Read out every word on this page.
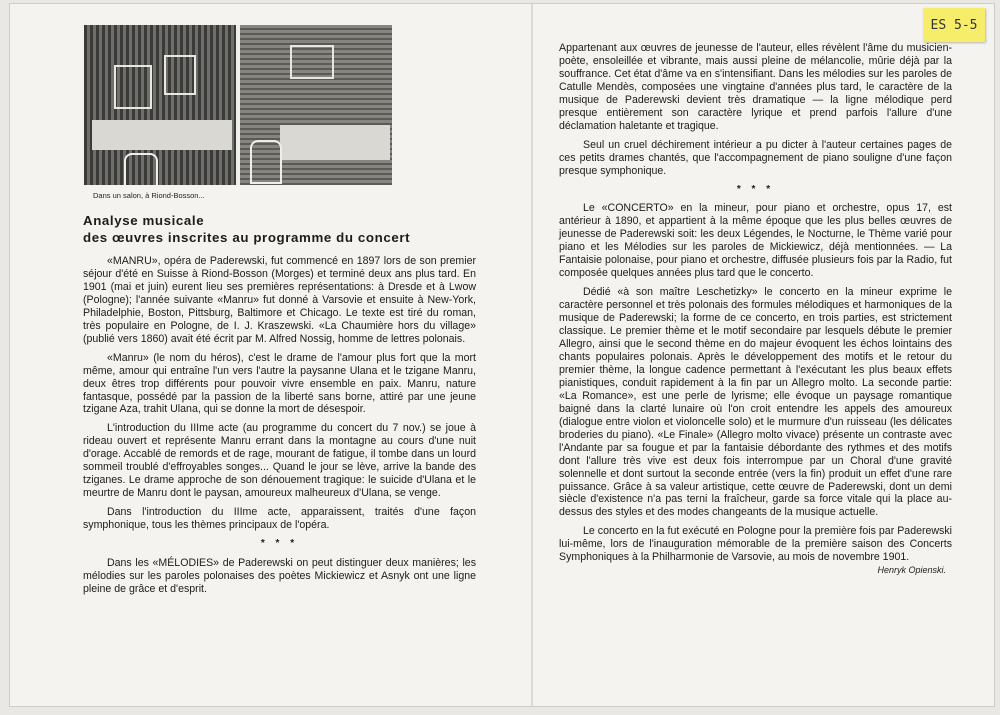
Dans un salon, à Riond-Bosson...
Analyse musicale
des œuvres inscrites au programme du concert

«MANRU», opéra de Paderewski, fut commencé en 1897 lors de son premier séjour d'été en Suisse à Riond-Bosson (Morges) et terminé deux ans plus tard. En 1901 (mai et juin) eurent lieu ses premières représentations: à Dresde et à Lwow (Pologne); l'année suivante «Manru» fut donné à Varsovie et ensuite à New-York, Philadelphie, Boston, Pittsburg, Baltimore et Chicago. Le texte est tiré du roman, très populaire en Pologne, de I. J. Kraszewski. «La Chaumière hors du village» (publié vers 1860) avait été écrit par M. Alfred Nossig, homme de lettres polonais.

«Manru» (le nom du héros), c'est le drame de l'amour plus fort que la mort même, amour qui entraîne l'un vers l'autre la paysanne Ulana et le tzigane Manru, deux êtres trop différents pour pouvoir vivre ensemble en paix. Manru, nature fantasque, possédé par la passion de la liberté sans borne, attiré par une jeune tzigane Aza, trahit Ulana, qui se donne la mort de désespoir.

L'introduction du IIIme acte (au programme du concert du 7 nov.) se joue à rideau ouvert et représente Manru errant dans la montagne au cours d'une nuit d'orage. Accablé de remords et de rage, mourant de fatigue, il tombe dans un lourd sommeil troublé d'effroyables songes... Quand le jour se lève, arrive la bande des tziganes. Le drame approche de son dénouement tragique: le suicide d'Ulana et le meurtre de Manru dont le paysan, amoureux malheureux d'Ulana, se venge.

Dans l'introduction du IIIme acte, apparaissent, traités d'une façon symphonique, tous les thèmes principaux de l'opéra.

* * *

Dans les «MÉLODIES» de Paderewski on peut distinguer deux manières; les mélodies sur les paroles polonaises des poètes Mickiewicz et Asnyk ont une ligne pleine de grâce et d'esprit.

Appartenant aux œuvres de jeunesse de l'auteur, elles révèlent l'âme du musicien-poète, ensoleillée et vibrante, mais aussi pleine de mélancolie, mûrie déjà par la souffrance. Cet état d'âme va en s'intensifiant. Dans les mélodies sur les paroles de Catulle Mendès, composées une vingtaine d'années plus tard, le caractère de la musique de Paderewski devient très dramatique — la ligne mélodique perd presque entièrement son caractère lyrique et prend parfois l'allure d'une déclamation haletante et tragique.

Seul un cruel déchirement intérieur a pu dicter à l'auteur certaines pages de ces petits drames chantés, que l'accompagnement de piano souligne d'une façon presque symphonique.

* * *

Le «CONCERTO» en la mineur, pour piano et orchestre, opus 17, est antérieur à 1890, et appartient à la même époque que les plus belles œuvres de jeunesse de Paderewski soit: les deux Légendes, le Nocturne, le Thème varié pour piano et les Mélodies sur les paroles de Mickiewicz, déjà mentionnées. — La Fantaisie polonaise, pour piano et orchestre, diffusée plusieurs fois par la Radio, fut composée quelques années plus tard que le concerto.

Dédié «à son maître Leschetizky» le concerto en la mineur exprime le caractère personnel et très polonais des formules mélodiques et harmoniques de la musique de Paderewski; la forme de ce concerto, en trois parties, est strictement classique. Le premier thème et le motif secondaire par lesquels débute le premier Allegro, ainsi que le second thème en do majeur évoquent les échos lointains des chants populaires polonais. Après le développement des motifs et le retour du premier thème, la longue cadence permettant à l'exécutant les plus beaux effets pianistiques, conduit rapidement à la fin par un Allegro molto. La seconde partie: «La Romance», est une perle de lyrisme; elle évoque un paysage romantique baigné dans la clarté lunaire où l'on croit entendre les appels des amoureux (dialogue entre violon et violoncelle solo) et le murmure d'un ruisseau (les délicates broderies du piano). «Le Finale» (Allegro molto vivace) présente un contraste avec l'Andante par sa fougue et par la fantaisie débordante des rythmes et des motifs dont l'allure très vive est deux fois interrompue par un Choral d'une gravité solennelle et dont surtout la seconde entrée (vers la fin) produit un effet d'une rare puissance. Grâce à sa valeur artistique, cette œuvre de Paderewski, dont un demi siècle d'existence n'a pas terni la fraîcheur, garde sa force vitale qui la place au-dessus des styles et des modes changeants de la musique actuelle.

Le concerto en la fut exécuté en Pologne pour la première fois par Paderewski lui-même, lors de l'inauguration mémorable de la première saison des Concerts Symphoniques à la Philharmonie de Varsovie, au mois de novembre 1901.
Henryk Opienski.

ES 5-5
